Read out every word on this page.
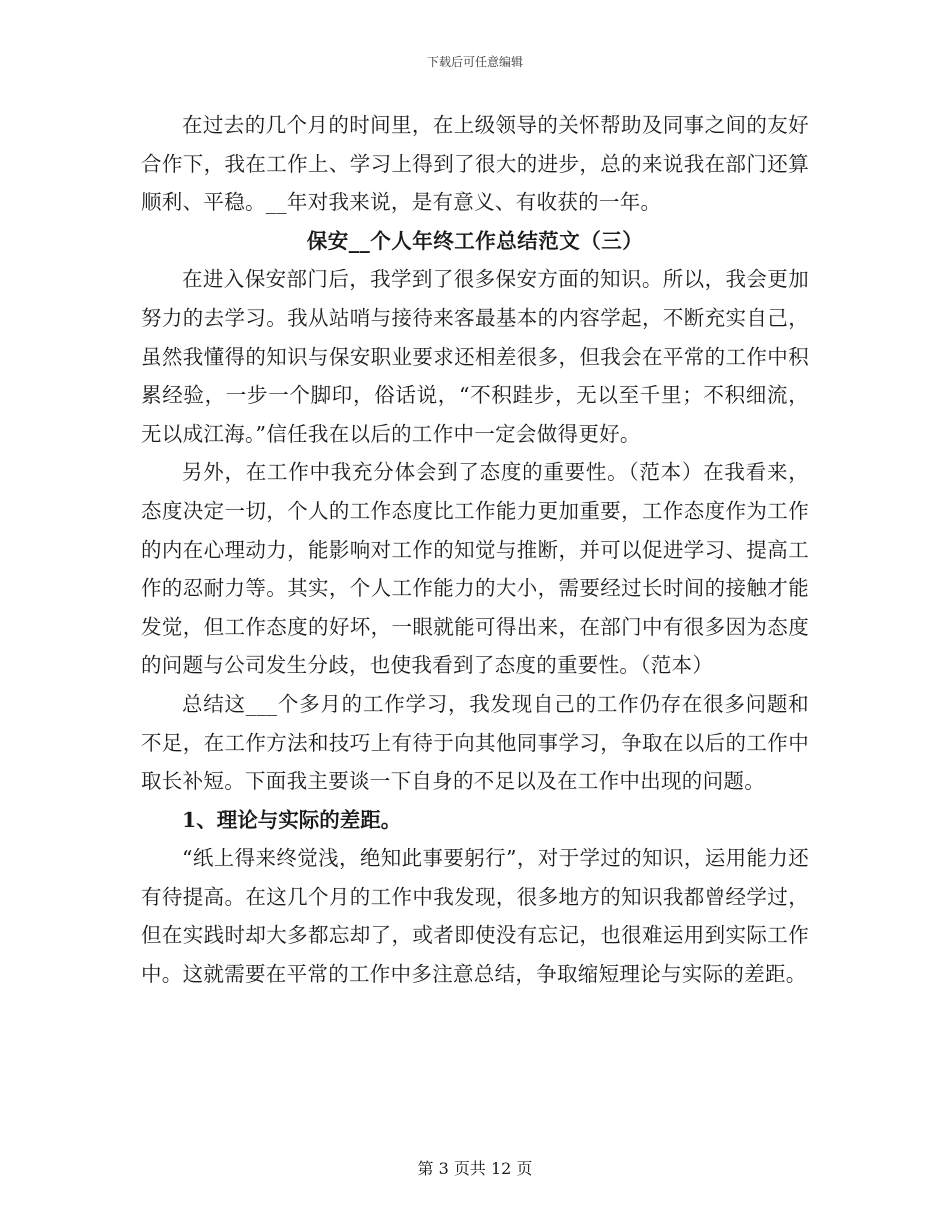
下载后可任意编辑

在过去的几个月的时间里，在上级领导的关怀帮助及同事之间的友好合作下，我在工作上、学习上得到了很大的进步，总的来说我在部门还算顺利、平稳。__年对我来说，是有意义、有收获的一年。

保安__个人年终工作总结范文（三）

在进入保安部门后，我学到了很多保安方面的知识。所以，我会更加努力的去学习。我从站哨与接待来客最基本的内容学起，不断充实自己，虽然我懂得的知识与保安职业要求还相差很多，但我会在平常的工作中积累经验，一步一个脚印，俗话说，“不积跬步，无以至千里；不积细流，无以成江海。”信任我在以后的工作中一定会做得更好。

另外，在工作中我充分体会到了态度的重要性。（范本）在我看来，态度决定一切，个人的工作态度比工作能力更加重要，工作态度作为工作的内在心理动力，能影响对工作的知觉与推断，并可以促进学习、提高工作的忍耐力等。其实，个人工作能力的大小，需要经过长时间的接触才能发觉，但工作态度的好坏，一眼就能可得出来，在部门中有很多因为态度的问题与公司发生分歧，也使我看到了态度的重要性。（范本）

总结这___个多月的工作学习，我发现自己的工作仍存在很多问题和不足，在工作方法和技巧上有待于向其他同事学习，争取在以后的工作中取长补短。下面我主要谈一下自身的不足以及在工作中出现的问题。

1、理论与实际的差距。

“纸上得来终觉浅，绝知此事要躬行”，对于学过的知识，运用能力还有待提高。在这几个月的工作中我发现，很多地方的知识我都曾经学过，但在实践时却大多都忘却了，或者即使没有忘记，也很难运用到实际工作中。这就需要在平常的工作中多注意总结，争取缩短理论与实际的差距。

第 3 页共 12 页
